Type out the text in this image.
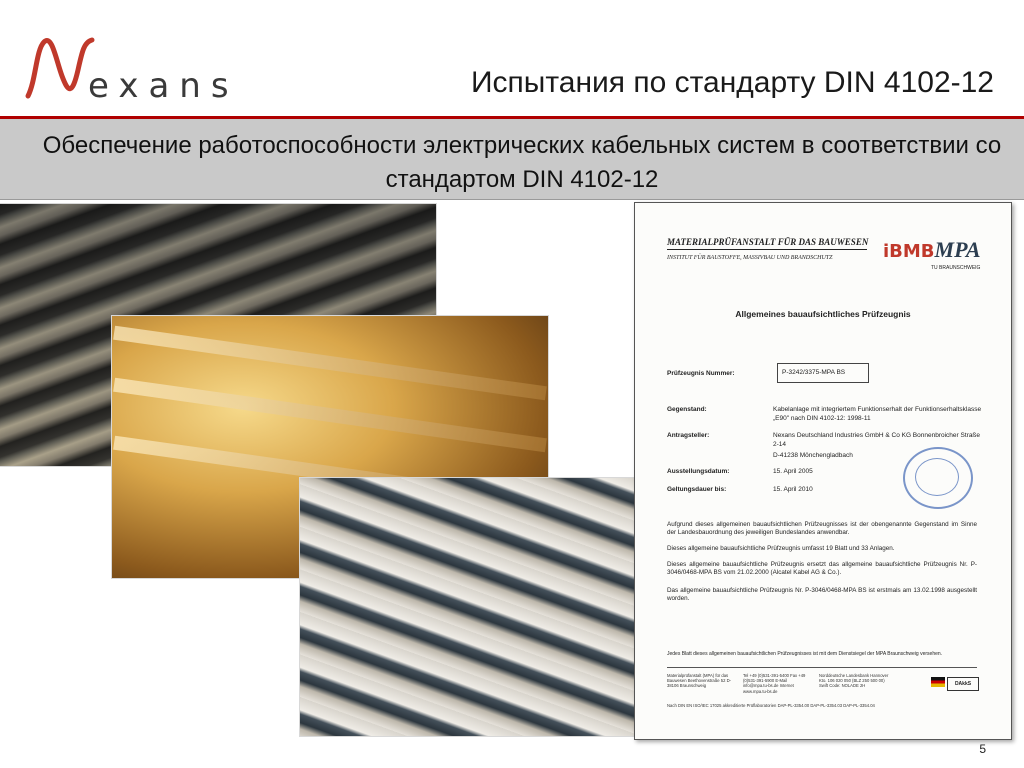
exans	Испытания по стандарту DIN 4102-12
Обеспечение работоспособности электрических кабельных систем в соответствии со стандартом DIN 4102-12
MATERIALPRÜFANSTALT FÜR DAS BAUWESEN
INSTITUT FÜR BAUSTOFFE, MASSIVBAU UND BRANDSCHUTZ	iBMBMPA
TU BRAUNSCHWEIG
Allgemeines bauaufsichtliches Prüfzeugnis
Prüfzeugnis Nummer:	P-3242/3375-MPA BS
Gegenstand:	Kabelanlage mit integriertem Funktionserhalt der Funktionserhaltsklasse „E90" nach DIN 4102-12: 1998-11
Antragsteller:	Nexans Deutschland Industries GmbH & Co KG Bonnenbroicher Straße 2-14
D-41238 Mönchengladbach
Ausstellungsdatum:	15. April 2005
Geltungsdauer bis:	15. April 2010
Aufgrund dieses allgemeinen bauaufsichtlichen Prüfzeugnisses ist der obengenannte Gegenstand im Sinne der Landesbauordnung des jeweiligen Bundeslandes anwendbar.
Dieses allgemeine bauaufsichtliche Prüfzeugnis umfasst 19 Blatt und 33 Anlagen.
Dieses allgemeine bauaufsichtliche Prüfzeugnis ersetzt das allgemeine bauaufsichtliche Prüfzeugnis Nr. P-3046/0468-MPA BS vom 21.02.2000 (Alcatel Kabel AG & Co.).
Das allgemeine bauaufsichtliche Prüfzeugnis Nr. P-3046/0468-MPA BS ist erstmals am 13.02.1998 ausgestellt worden.
Jedes Blatt dieses allgemeinen bauaufsichtlichen Prüfzeugnisses ist mit dem Dienstsiegel der MPA Braunschweig versehen.
Materialprüfanstalt (MPA) für das Bauwesen Beethovenstraße 52 D-38106 Braunschweig
Tel +49 (0)531-391-5400 Fax +49 (0)531-391-5900 E-Mail info@mpa.tu-bs.de Internet www.mpa.tu-bs.de
Norddeutsche Landesbank Hannover Kto. 106 020 050 (BLZ 250 500 00) Swift Code: NOLADE 2H	DAkkS
Nach DIN EN ISO/IEC 17025 akkreditierte Prüflaboratorien DAP-PL-3354.00 DAP-PL-3354.03 DAP-PL-3354.04
5
